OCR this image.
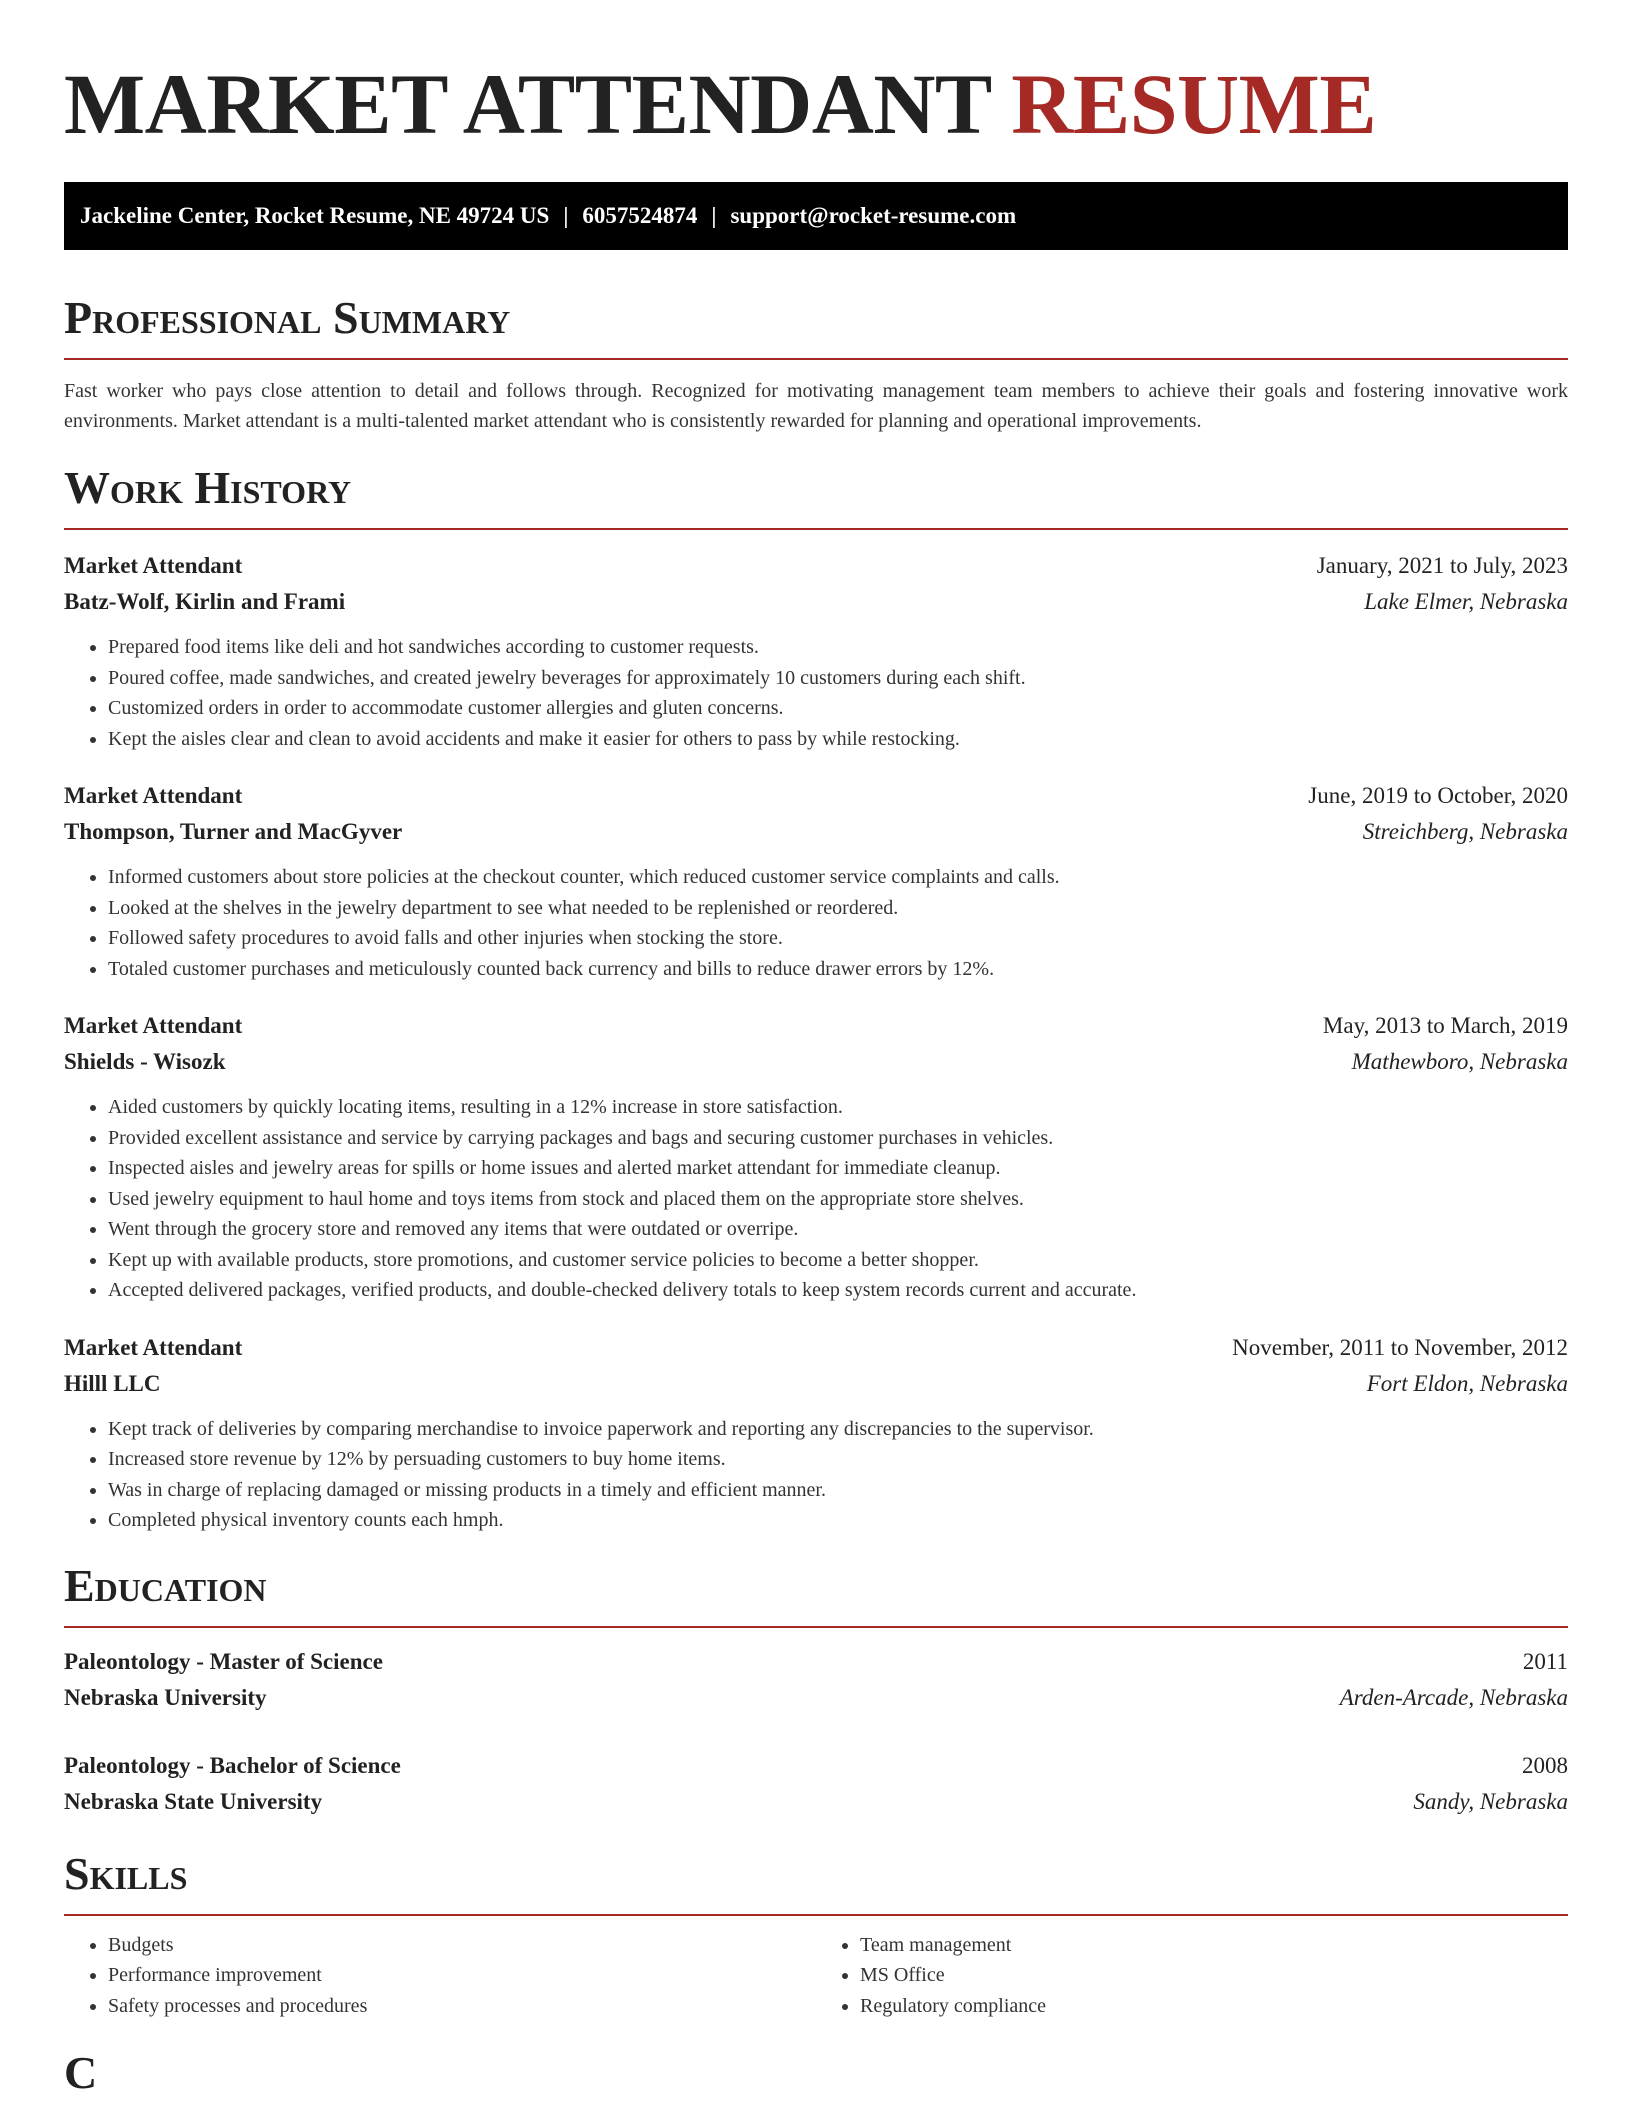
MARKET ATTENDANT RESUME
Jackeline Center, Rocket Resume, NE 49724 US | 6057524874 | support@rocket-resume.com
Professional Summary
Fast worker who pays close attention to detail and follows through. Recognized for motivating management team members to achieve their goals and fostering innovative work environments. Market attendant is a multi-talented market attendant who is consistently rewarded for planning and operational improvements.
Work History
Market Attendant	January, 2021 to July, 2023
Batz-Wolf, Kirlin and Frami	Lake Elmer, Nebraska
• Prepared food items like deli and hot sandwiches according to customer requests.
• Poured coffee, made sandwiches, and created jewelry beverages for approximately 10 customers during each shift.
• Customized orders in order to accommodate customer allergies and gluten concerns.
• Kept the aisles clear and clean to avoid accidents and make it easier for others to pass by while restocking.
Market Attendant	June, 2019 to October, 2020
Thompson, Turner and MacGyver	Streichberg, Nebraska
• Informed customers about store policies at the checkout counter, which reduced customer service complaints and calls.
• Looked at the shelves in the jewelry department to see what needed to be replenished or reordered.
• Followed safety procedures to avoid falls and other injuries when stocking the store.
• Totaled customer purchases and meticulously counted back currency and bills to reduce drawer errors by 12%.
Market Attendant	May, 2013 to March, 2019
Shields - Wisozk	Mathewboro, Nebraska
• Aided customers by quickly locating items, resulting in a 12% increase in store satisfaction.
• Provided excellent assistance and service by carrying packages and bags and securing customer purchases in vehicles.
• Inspected aisles and jewelry areas for spills or home issues and alerted market attendant for immediate cleanup.
• Used jewelry equipment to haul home and toys items from stock and placed them on the appropriate store shelves.
• Went through the grocery store and removed any items that were outdated or overripe.
• Kept up with available products, store promotions, and customer service policies to become a better shopper.
• Accepted delivered packages, verified products, and double-checked delivery totals to keep system records current and accurate.
Market Attendant	November, 2011 to November, 2012
Hilll LLC	Fort Eldon, Nebraska
• Kept track of deliveries by comparing merchandise to invoice paperwork and reporting any discrepancies to the supervisor.
• Increased store revenue by 12% by persuading customers to buy home items.
• Was in charge of replacing damaged or missing products in a timely and efficient manner.
• Completed physical inventory counts each hmph.
Education
Paleontology - Master of Science	2011
Nebraska University	Arden-Arcade, Nebraska
Paleontology - Bachelor of Science	2008
Nebraska State University	Sandy, Nebraska
Skills
• Budgets
• Performance improvement
• Safety processes and procedures
• Team management
• MS Office
• Regulatory compliance
C
